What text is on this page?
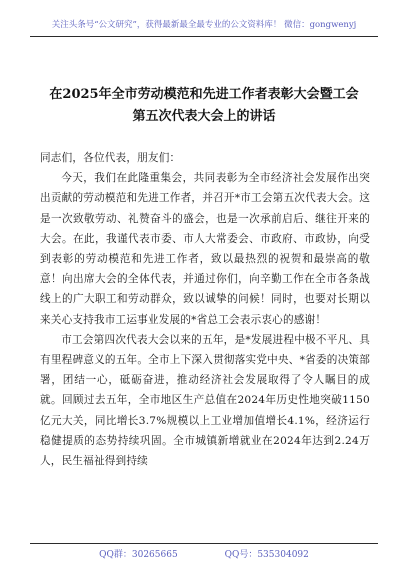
关注头条号“公文研究”，获得最新最全最专业的公文资料库！ 微信：gongwenyj
在2025年全市劳动模范和先进工作者表彰大会暨工会
第五次代表大会上的讲话

同志们，各位代表，朋友们：

今天，我们在此隆重集会，共同表彰为全市经济社会发展作出突出贡献的劳动模范和先进工作者，并召开*市工会第五次代表大会。这是一次致敬劳动、礼赞奋斗的盛会，也是一次承前启后、继往开来的大会。在此，我谨代表市委、市人大常委会、市政府、市政协，向受到表彰的劳动模范和先进工作者，致以最热烈的祝贺和最崇高的敬意！向出席大会的全体代表，并通过你们，向辛勤工作在全市各条战线上的广大职工和劳动群众，致以诚挚的问候！同时，也要对长期以来关心支持我市工运事业发展的*省总工会表示衷心的感谢！

市工会第四次代表大会以来的五年，是*发展进程中极不平凡、具有里程碑意义的五年。全市上下深入贯彻落实党中央、*省委的决策部署，团结一心，砥砺奋进，推动经济社会发展取得了令人瞩目的成就。回顾过去五年，全市地区生产总值在2024年历史性地突破1150亿元大关，同比增长3.7%规模以上工业增加值增长4.1%，经济运行稳健提质的态势持续巩固。全市城镇新增就业在2024年达到2.24万人，民生福祉得到持续

QQ群：30265665	QQ号：535304092
